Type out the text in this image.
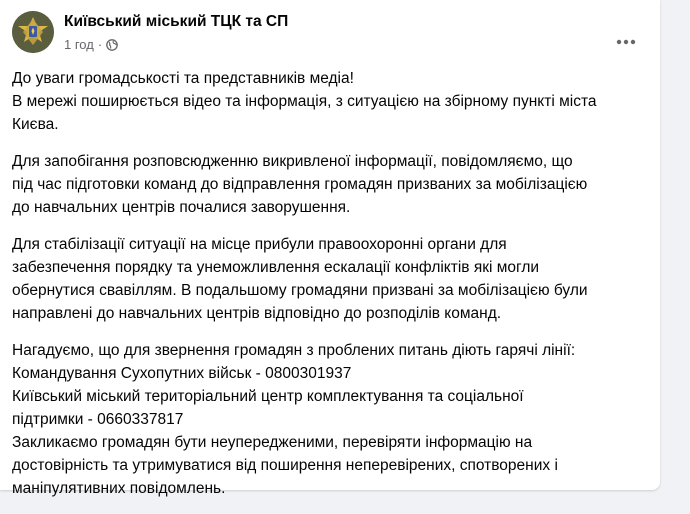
Київський міський ТЦК та СП
1 год ·

До уваги громадськості та представників медіа!
В мережі поширюється відео та інформація, з ситуацією на збірному пункті міста
Києва.

Для запобігання розповсюдженню викривленої інформації, повідомляємо, що
під час підготовки команд до відправлення громадян призваних за мобілізацією
до навчальних центрів почалися заворушення.

Для стабілізації ситуації на місце прибули правоохоронні органи для
забезпечення порядку та унеможливлення ескалації конфліктів які могли
обернутися свавіллям. В подальшому громадяни призвані за мобілізацією були
направлені до навчальних центрів відповідно до розподілів команд.

Нагадуємо, що для звернення громадян з проблених питань діють гарячі лінії:
Командування Сухопутних військ - 0800301937
Київський міський територіальний центр комплектування та соціальної
підтримки - 0660337817
Закликаємо громадян бути неупередженими, перевіряти інформацію на
достовірність та утримуватися від поширення неперевірених, спотворених і
маніпулятивних повідомлень.
